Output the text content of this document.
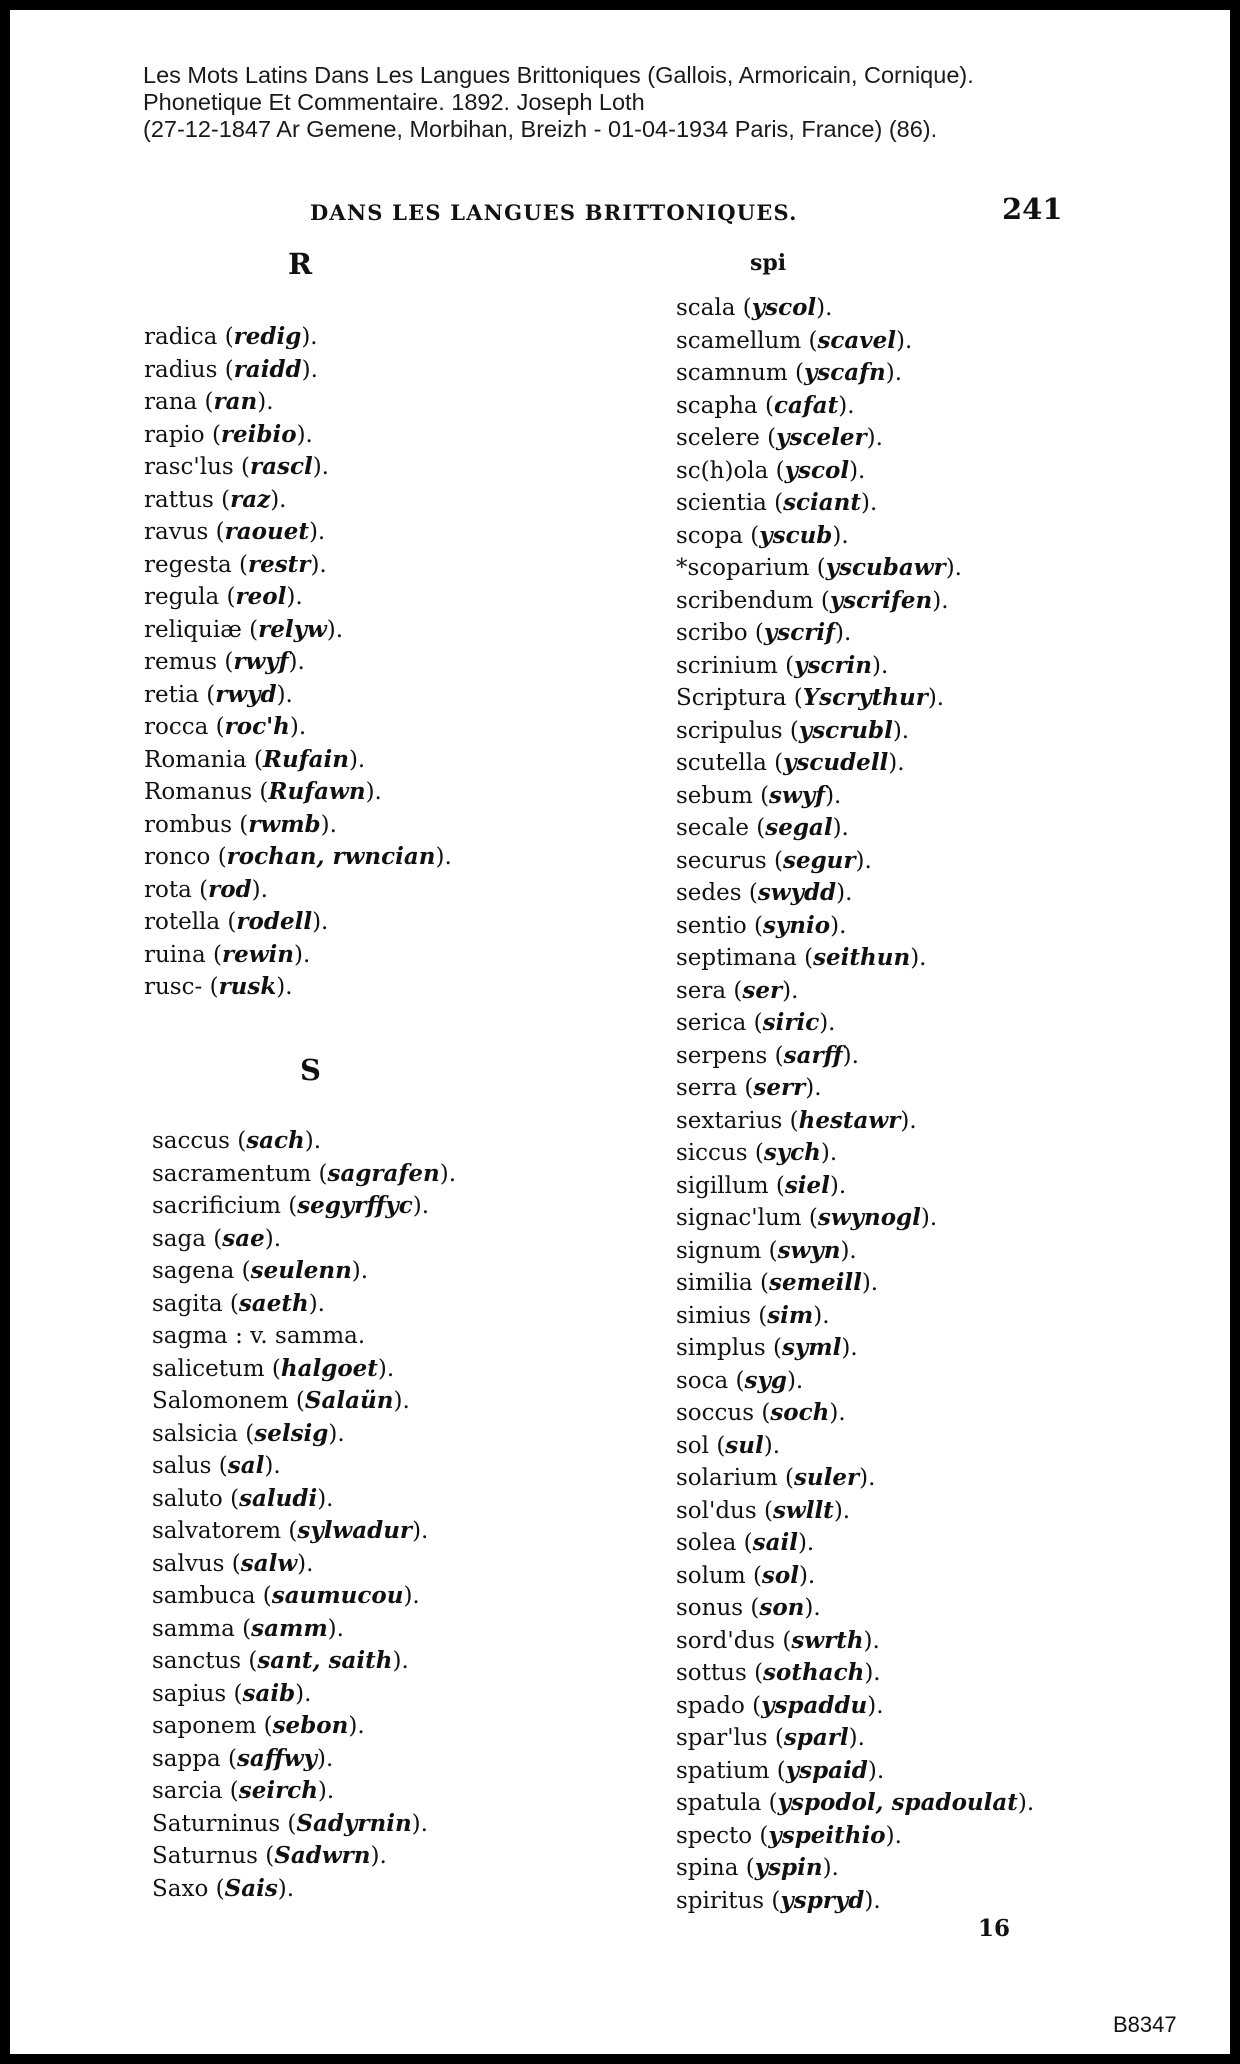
Les Mots Latins Dans Les Langues Brittoniques (Gallois, Armoricain, Cornique).
Phonetique Et Commentaire. 1892. Joseph Loth
(27-12-1847 Ar Gemene, Morbihan, Breizh - 01-04-1934 Paris, France) (86).
DANS LES LANGUES BRITTONIQUES.	241
R	spi
S
radica (redig).
radius (raidd).
rana (ran).
rapio (reibio).
rasc'lus (rascl).
rattus (raz).
ravus (raouet).
regesta (restr).
regula (reol).
reliquiæ (relyw).
remus (rwyf).
retia (rwyd).
rocca (roc'h).
Romania (Rufain).
Romanus (Rufawn).
rombus (rwmb).
ronco (rochan, rwncian).
rota (rod).
rotella (rodell).
ruina (rewin).
rusc- (rusk).
saccus (sach).
sacramentum (sagrafen).
sacrificium (segyrffyc).
saga (sae).
sagena (seulenn).
sagita (saeth).
sagma : v. samma.
salicetum (halgoet).
Salomonem (Salaün).
salsicia (selsig).
salus (sal).
saluto (saludi).
salvatorem (sylwadur).
salvus (salw).
sambuca (saumucou).
samma (samm).
sanctus (sant, saith).
sapius (saib).
saponem (sebon).
sappa (saffwy).
sarcia (seirch).
Saturninus (Sadyrnin).
Saturnus (Sadwrn).
Saxo (Sais).
scala (yscol).
scamellum (scavel).
scamnum (yscafn).
scapha (cafat).
scelere (ysceler).
sc(h)ola (yscol).
scientia (sciant).
scopa (yscub).
*scoparium (yscubawr).
scribendum (yscrifen).
scribo (yscrif).
scrinium (yscrin).
Scriptura (Yscrythur).
scripulus (yscrubl).
scutella (yscudell).
sebum (swyf).
secale (segal).
securus (segur).
sedes (swydd).
sentio (synio).
septimana (seithun).
sera (ser).
serica (siric).
serpens (sarff).
serra (serr).
sextarius (hestawr).
siccus (sych).
sigillum (siel).
signac'lum (swynogl).
signum (swyn).
similia (semeill).
simius (sim).
simplus (syml).
soca (syg).
soccus (soch).
sol (sul).
solarium (suler).
sol'dus (swllt).
solea (sail).
solum (sol).
sonus (son).
sord'dus (swrth).
sottus (sothach).
spado (yspaddu).
spar'lus (sparl).
spatium (yspaid).
spatula (yspodol, spadoulat).
specto (yspeithio).
spina (yspin).
spiritus (yspryd).
16
B8347
